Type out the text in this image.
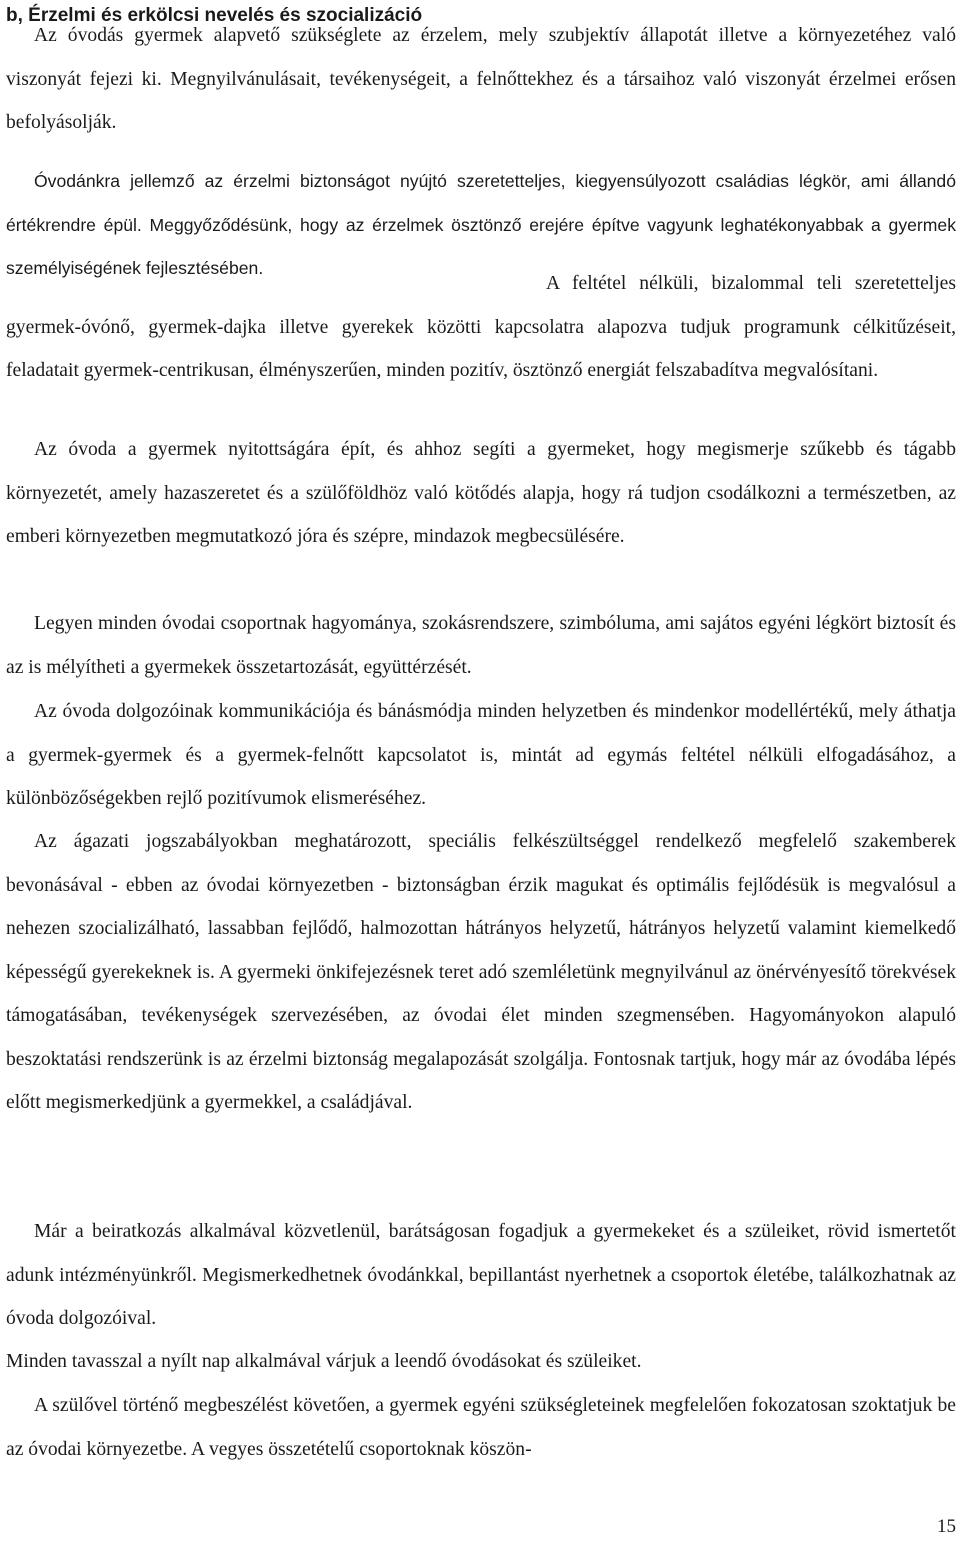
b, Érzelmi és erkölcsi nevelés és szocializáció

Az óvodás gyermek alapvető szükséglete az érzelem, mely szubjektív állapotát illetve a környezetéhez való viszonyát fejezi ki. Megnyilvánulásait, tevékenységeit, a felnőttekhez és a társaihoz való viszonyát érzelmei erősen befolyásolják.

Óvodánkra jellemző az érzelmi biztonságot nyújtó szeretetteljes, kiegyensúlyozott családias légkör, ami állandó értékrendre épül. Meggyőződésünk, hogy az érzelmek ösztönző erejére építve vagyunk leghatékonyabbak a gyermek személyiségének fejlesztésében.

A feltétel nélküli, bizalommal teli szeretetteljes gyermek-óvónő, gyermek-dajka illetve gyerekek közötti kapcsolatra alapozva tudjuk programunk célkitűzéseit, feladatait gyermek-centrikusan, élményszerűen, minden pozitív, ösztönző energiát felszabadítva megvalósítani.

Az óvoda a gyermek nyitottságára épít, és ahhoz segíti a gyermeket, hogy megismerje szűkebb és tágabb környezetét, amely hazaszeretet és a szülőföldhöz való kötődés alapja, hogy rá tudjon csodálkozni a természetben, az emberi környezetben megmutatkozó jóra és szépre, mindazok megbecsülésére.

Legyen minden óvodai csoportnak hagyománya, szokásrendszere, szimbóluma, ami sajátos egyéni légkört biztosít és az is mélyítheti a gyermekek összetartozását, együttérzését.

Az óvoda dolgozóinak kommunikációja és bánásmódja minden helyzetben és mindenkor modellértékű, mely áthatja a gyermek-gyermek és a gyermek-felnőtt kapcsolatot is, mintát ad egymás feltétel nélküli elfogadásához, a különbözőségekben rejlő pozitívumok elismeréséhez.

Az ágazati jogszabályokban meghatározott, speciális felkészültséggel rendelkező megfelelő szakemberek bevonásával - ebben az óvodai környezetben - biztonságban érzik magukat és optimális fejlődésük is megvalósul a nehezen szocializálható, lassabban fejlődő, halmozottan hátrányos helyzetű, hátrányos helyzetű valamint kiemelkedő képességű gyerekeknek is. A gyermeki önkifejezésnek teret adó szemléletünk megnyilvánul az önérvényesítő törekvések támogatásában, tevékenységek szervezésében, az óvodai élet minden szegmensében. Hagyományokon alapuló beszoktatási rendszerünk is az érzelmi biztonság megalapozását szolgálja. Fontosnak tartjuk, hogy már az óvodába lépés előtt megismerkedjünk a gyermekkel, a családjával.

Már a beiratkozás alkalmával közvetlenül, barátságosan fogadjuk a gyermekeket és a szüleiket, rövid ismertetőt adunk intézményünkről. Megismerkedhetnek óvodánkkal, bepillantást nyerhetnek a csoportok életébe, találkozhatnak az óvoda dolgozóival.

Minden tavasszal a nyílt nap alkalmával várjuk a leendő óvodásokat és szüleiket.

A szülővel történő megbeszélést követően, a gyermek egyéni szükségleteinek megfelelően fokozatosan szoktatjuk be az óvodai környezetbe. A vegyes összetételű csoportoknak köszön-

15
